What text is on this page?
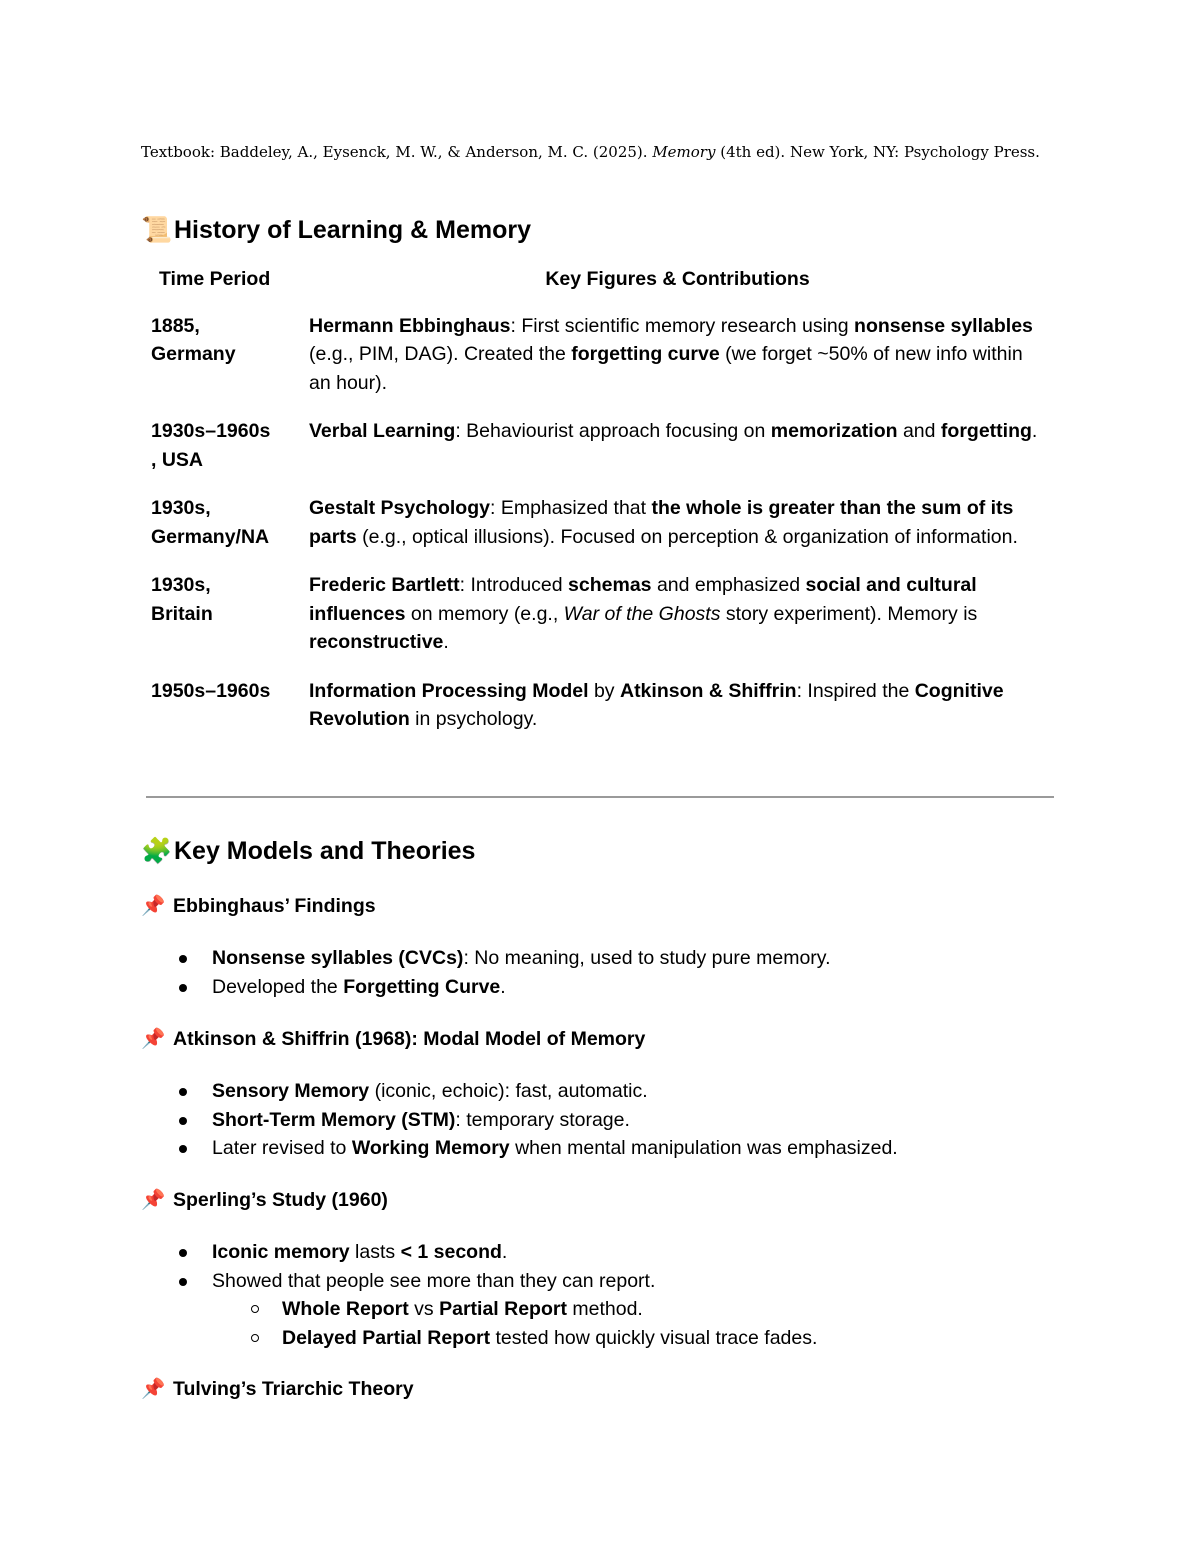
Textbook: Baddeley, A., Eysenck, M. W., & Anderson, M. C. (2025). Memory (4th ed). New York, NY: Psychology Press.
📜History of Learning & Memory
Time Period	Key Figures & Contributions
1885,
Germany	Hermann Ebbinghaus: First scientific memory research using nonsense syllables (e.g., PIM, DAG). Created the forgetting curve (we forget ~50% of new info within an hour).
1930s–1960s
, USA	Verbal Learning: Behaviourist approach focusing on memorization and forgetting.
1930s,
Germany/NA	Gestalt Psychology: Emphasized that the whole is greater than the sum of its parts (e.g., optical illusions). Focused on perception & organization of information.
1930s,
Britain	Frederic Bartlett: Introduced schemas and emphasized social and cultural influences on memory (e.g., War of the Ghosts story experiment). Memory is reconstructive.
1950s–1960s	Information Processing Model by Atkinson & Shiffrin: Inspired the Cognitive Revolution in psychology.
🧩Key Models and Theories
📌 Ebbinghaus’ Findings
Nonsense syllables (CVCs): No meaning, used to study pure memory.
Developed the Forgetting Curve.
📌 Atkinson & Shiffrin (1968): Modal Model of Memory
Sensory Memory (iconic, echoic): fast, automatic.
Short-Term Memory (STM): temporary storage.
Later revised to Working Memory when mental manipulation was emphasized.
📌 Sperling’s Study (1960)
Iconic memory lasts < 1 second.
Showed that people see more than they can report.
Whole Report vs Partial Report method.
Delayed Partial Report tested how quickly visual trace fades.
📌 Tulving’s Triarchic Theory
